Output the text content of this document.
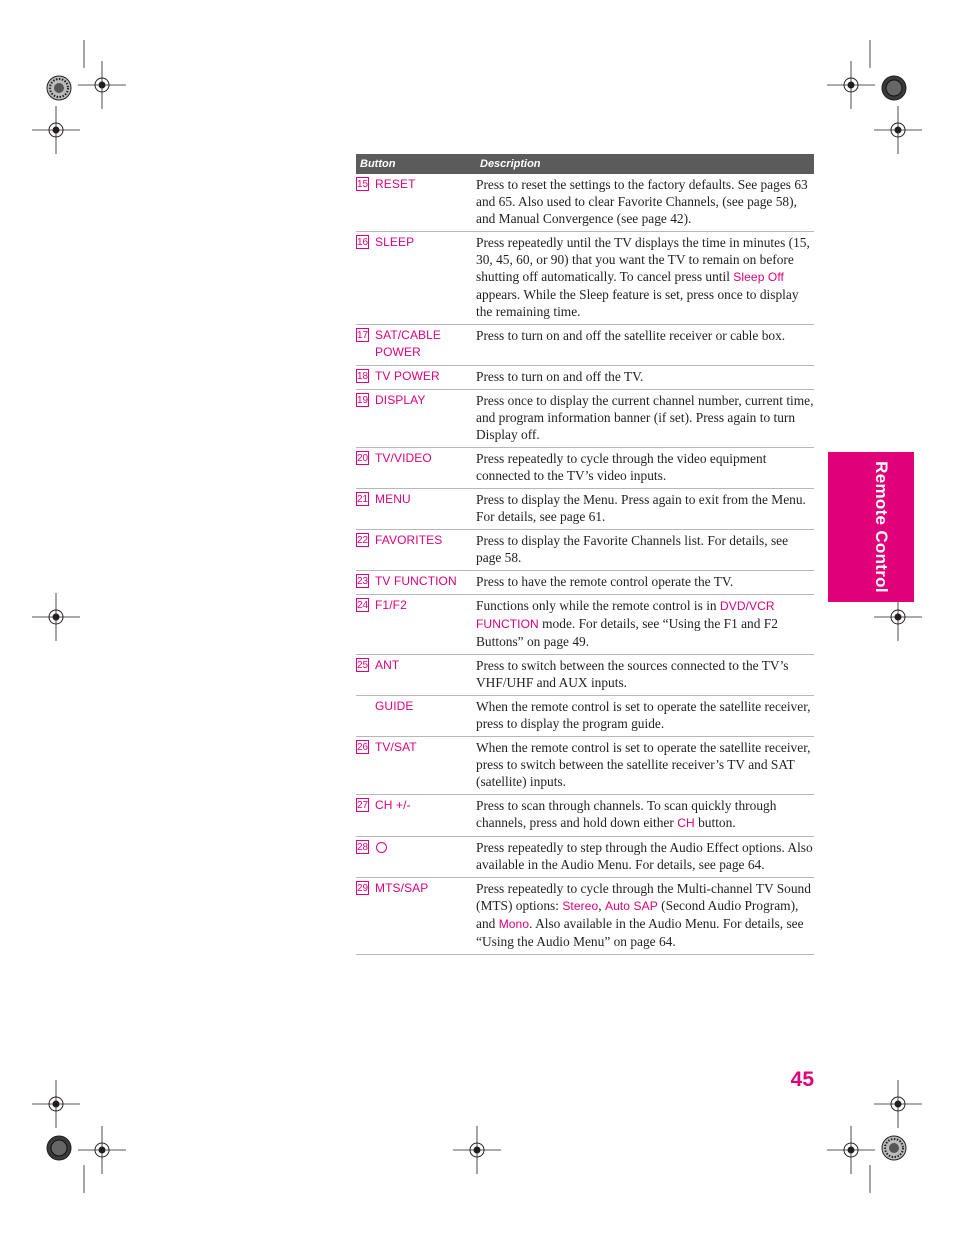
Button	Description
15 RESET	Press to reset the settings to the factory defaults. See pages 63 and 65. Also used to clear Favorite Channels, (see page 58), and Manual Convergence (see page 42).
16 SLEEP	Press repeatedly until the TV displays the time in minutes (15, 30, 45, 60, or 90) that you want the TV to remain on before shutting off automatically. To cancel press until Sleep Off appears. While the Sleep feature is set, press once to display the remaining time.
17 SAT/CABLE POWER	Press to turn on and off the satellite receiver or cable box.
18 TV POWER	Press to turn on and off the TV.
19 DISPLAY	Press once to display the current channel number, current time, and program information banner (if set). Press again to turn Display off.
20 TV/VIDEO	Press repeatedly to cycle through the video equipment connected to the TV’s video inputs.
21 MENU	Press to display the Menu. Press again to exit from the Menu. For details, see page 61.
22 FAVORITES	Press to display the Favorite Channels list. For details, see page 58.
23 TV FUNCTION	Press to have the remote control operate the TV.
24 F1/F2	Functions only while the remote control is in DVD/VCR FUNCTION mode. For details, see “Using the F1 and F2 Buttons” on page 49.
25 ANT	Press to switch between the sources connected to the TV’s VHF/UHF and AUX inputs.
GUIDE	When the remote control is set to operate the satellite receiver, press to display the program guide.
26 TV/SAT	When the remote control is set to operate the satellite receiver, press to switch between the satellite receiver’s TV and SAT (satellite) inputs.
27 CH +/-	Press to scan through channels. To scan quickly through channels, press and hold down either CH button.
28	Press repeatedly to step through the Audio Effect options. Also available in the Audio Menu. For details, see page 64.
29 MTS/SAP	Press repeatedly to cycle through the Multi-channel TV Sound (MTS) options: Stereo, Auto SAP (Second Audio Program), and Mono. Also available in the Audio Menu. For details, see “Using the Audio Menu” on page 64.
Remote Control
45
